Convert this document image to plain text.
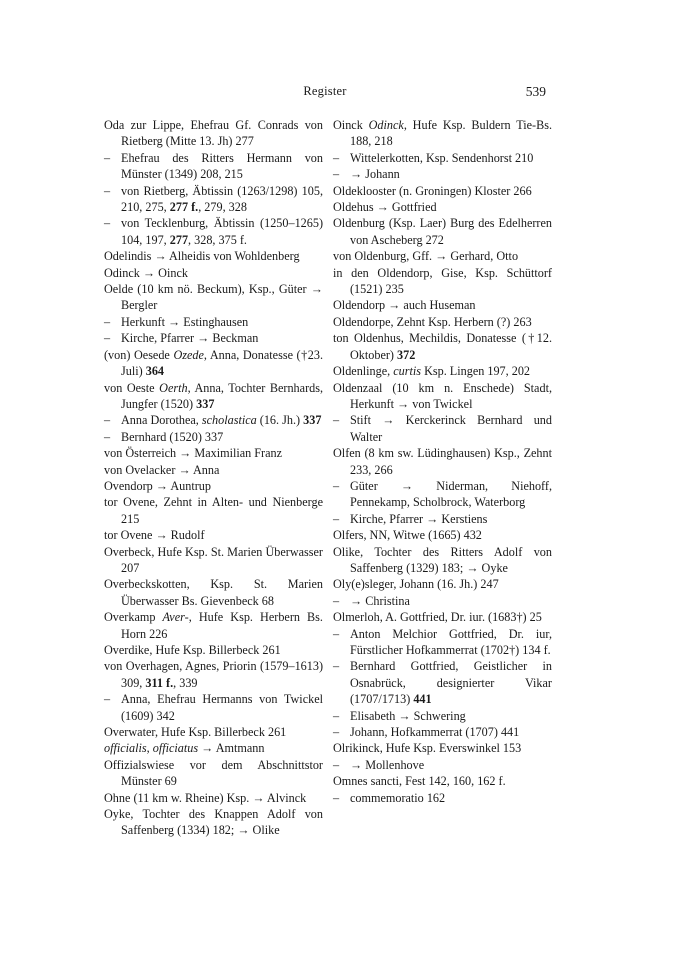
Register	539

Oda zur Lippe, Ehefrau Gf. Conrads von Rietberg (Mitte 13. Jh) 277

– Ehefrau des Ritters Hermann von Münster (1349) 208, 215

– von Rietberg, Äbtissin (1263/1298) 105, 210, 275, 277 f., 279, 328

– von Tecklenburg, Äbtissin (1250–1265) 104, 197, 277, 328, 375 f.

Odelindis → Alheidis von Wohldenberg

Odinck → Oinck

Oelde (10 km nö. Beckum), Ksp., Güter → Bergler

– Herkunft → Estinghausen

– Kirche, Pfarrer → Beckman

(von) Oesede Ozede, Anna, Donatesse (†23. Juli) 364

von Oeste Oerth, Anna, Tochter Bernhards, Jungfer (1520) 337

– Anna Dorothea, scholastica (16. Jh.) 337

– Bernhard (1520) 337

von Österreich → Maximilian Franz

von Ovelacker → Anna

Ovendorp → Auntrup

tor Ovene, Zehnt in Alten- und Nienberge 215

tor Ovene → Rudolf

Overbeck, Hufe Ksp. St. Marien Überwasser 207

Overbeckskotten, Ksp. St. Marien Überwasser Bs. Gievenbeck 68

Overkamp Aver-, Hufe Ksp. Herbern Bs. Horn 226

Overdike, Hufe Ksp. Billerbeck 261

von Overhagen, Agnes, Priorin (1579–1613) 309, 311 f., 339

– Anna, Ehefrau Hermanns von Twickel (1609) 342

Overwater, Hufe Ksp. Billerbeck 261

officialis, officiatus → Amtmann

Offizialswiese vor dem Abschnittstor Münster 69

Ohne (11 km w. Rheine) Ksp. → Alvinck

Oyke, Tochter des Knappen Adolf von Saffenberg (1334) 182; → Olike

Oinck Odinck, Hufe Ksp. Buldern Tie-Bs. 188, 218

– Wittelerkotten, Ksp. Sendenhorst 210

– → Johann

Oldeklooster (n. Groningen) Kloster 266

Oldehus → Gottfried

Oldenburg (Ksp. Laer) Burg des Edelherren von Ascheberg 272

von Oldenburg, Gff. → Gerhard, Otto

in den Oldendorp, Gise, Ksp. Schüttorf (1521) 235

Oldendorp → auch Huseman

Oldendorpe, Zehnt Ksp. Herbern (?) 263

ton Oldenhus, Mechildis, Donatesse (†12. Oktober) 372

Oldenlinge, curtis Ksp. Lingen 197, 202

Oldenzaal (10 km n. Enschede) Stadt, Herkunft → von Twickel

– Stift → Kerckerinck Bernhard und Walter

Olfen (8 km sw. Lüdinghausen) Ksp., Zehnt 233, 266

– Güter → Niderman, Niehoff, Pennekamp, Scholbrock, Waterborg

– Kirche, Pfarrer → Kerstiens

Olfers, NN, Witwe (1665) 432

Olike, Tochter des Ritters Adolf von Saffenberg (1329) 183; → Oyke

Oly(e)sleger, Johann (16. Jh.) 247

– → Christina

Olmerloh, A. Gottfried, Dr. iur. (1683†) 25

– Anton Melchior Gottfried, Dr. iur, Fürstlicher Hofkammerrat (1702†) 134 f.

– Bernhard Gottfried, Geistlicher in Osnabrück, designierter Vikar (1707/1713) 441

– Elisabeth → Schwering

– Johann, Hofkammerrat (1707) 441

Olrikinck, Hufe Ksp. Everswinkel 153

– → Mollenhove

Omnes sancti, Fest 142, 160, 162 f.

– commemoratio 162
